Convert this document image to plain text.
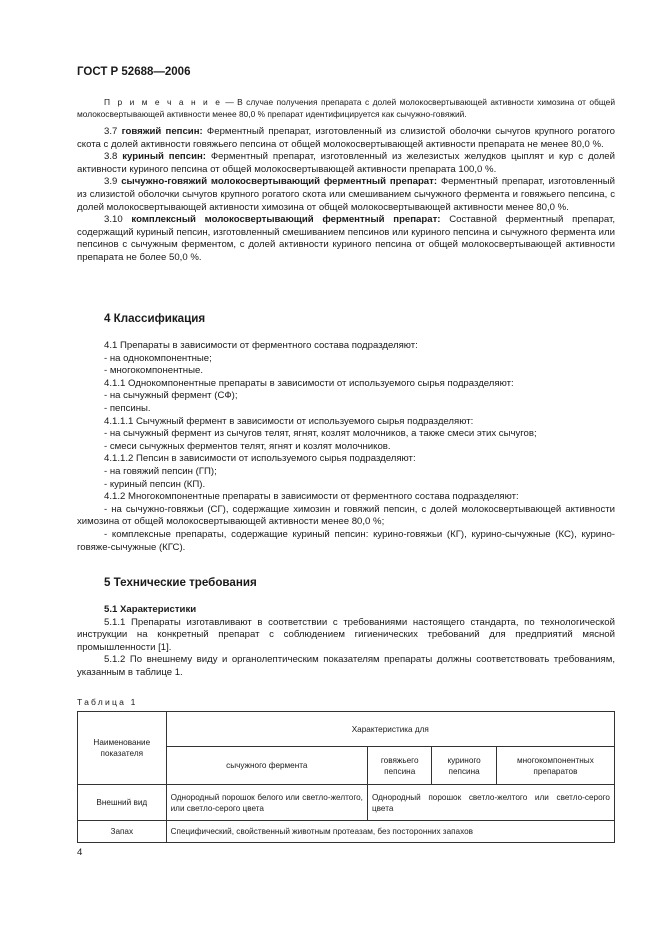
ГОСТ Р 52688—2006

П р и м е ч а н и е — В случае получения препарата с долей молокосвертывающей активности химозина от общей молокосвертывающей активности менее 80,0 % препарат идентифицируется как сычужно-говяжий.

3.7 говяжий пепсин: Ферментный препарат, изготовленный из слизистой оболочки сычугов крупного рогатого скота с долей активности говяжьего пепсина от общей молокосвертывающей активности препарата не менее 80,0 %.

3.8 куриный пепсин: Ферментный препарат, изготовленный из железистых желудков цыплят и кур с долей активности куриного пепсина от общей молокосвертывающей активности препарата 100,0 %.

3.9 сычужно-говяжий молокосвертывающий ферментный препарат: Ферментный препарат, изготовленный из слизистой оболочки сычугов крупного рогатого скота или смешиванием сычужного фермента и говяжьего пепсина, с долей молокосвертывающей активности химозина от общей молокосвертывающей активности менее 80,0 %.

3.10 комплексный молокосвертывающий ферментный препарат: Составной ферментный препарат, содержащий куриный пепсин, изготовленный смешиванием пепсинов или куриного пепсина и сычужного фермента или пепсинов с сычужным ферментом, с долей активности куриного пепсина от общей молокосвертывающей активности препарата не более 50,0 %.

4 Классификация

4.1 Препараты в зависимости от ферментного состава подразделяют:

- на однокомпонентные;

- многокомпонентные.

4.1.1 Однокомпонентные препараты в зависимости от используемого сырья подразделяют:

- на сычужный фермент (СФ);

- пепсины.

4.1.1.1 Сычужный фермент в зависимости от используемого сырья подразделяют:

- на сычужный фермент из сычугов телят, ягнят, козлят молочников, а также смеси этих сычугов;

- смеси сычужных ферментов телят, ягнят и козлят молочников.

4.1.1.2 Пепсин в зависимости от используемого сырья подразделяют:

- на говяжий пепсин (ГП);

- куриный пепсин (КП).

4.1.2 Многокомпонентные препараты в зависимости от ферментного состава подразделяют:

- на сычужно-говяжьи (СГ), содержащие химозин и говяжий пепсин, с долей молокосвертывающей активности химозина от общей молокосвертывающей активности менее 80,0 %;

- комплексные препараты, содержащие куриный пепсин: курино-говяжьи (КГ), курино-сычужные (КС), курино-говяже-сычужные (КГС).

5 Технические требования

5.1 Характеристики

5.1.1 Препараты изготавливают в соответствии с требованиями настоящего стандарта, по технологической инструкции на конкретный препарат с соблюдением гигиенических требований для предприятий мясной промышленности [1].

5.1.2 По внешнему виду и органолептическим показателям препараты должны соответствовать требованиям, указанным в таблице 1.

Таблица 1
Наименование показателя	Характеристика для			
	сычужного фермента	говяжьего пепсина	куриного пепсина	многокомпонентных препаратов
Внешний вид	Однородный порошок белого или светло-желтого, или светло-серого цвета	Однородный порошок светло-желтого или светло-серого цвета		
Запах	Специфический, свойственный животным протеазам, без посторонних запахов			
4
